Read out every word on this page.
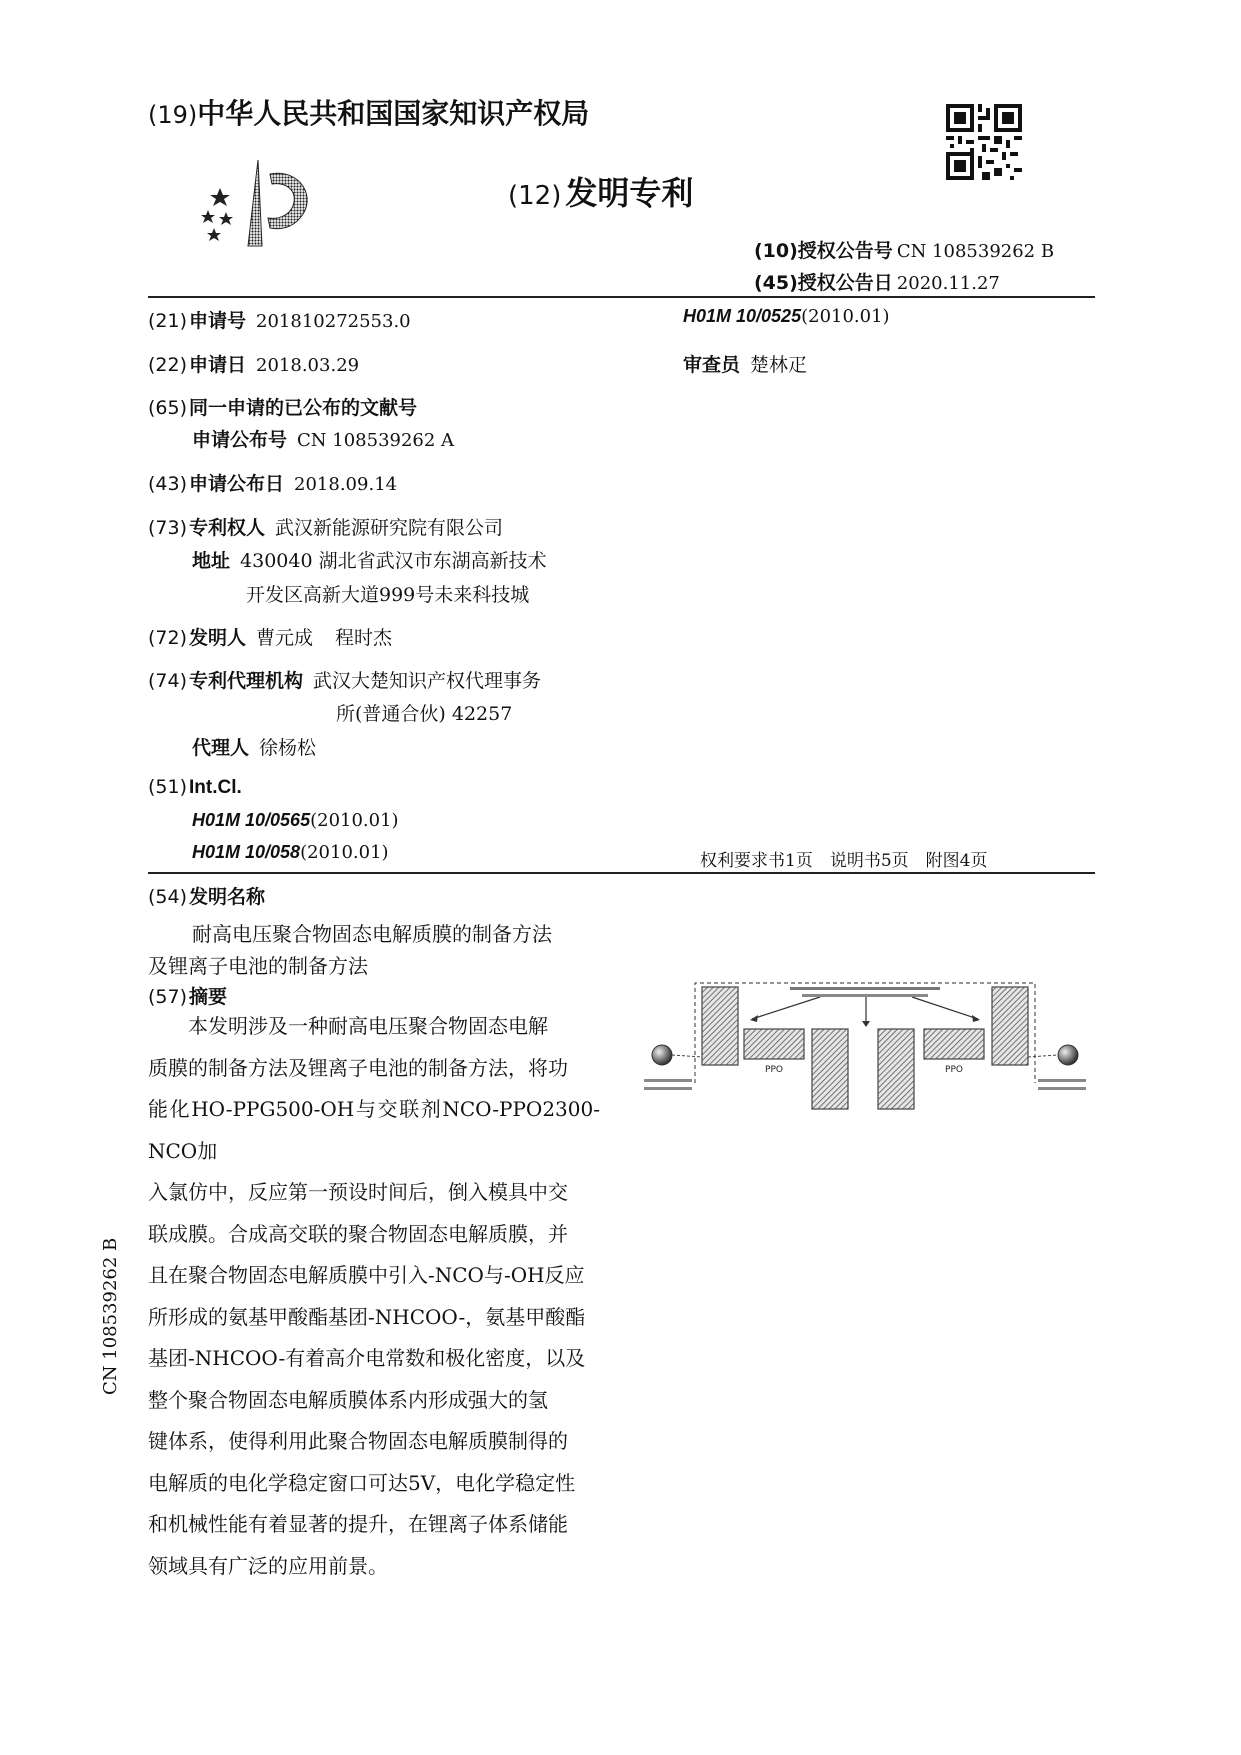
(19) 中华人民共和国国家知识产权局
(12) 发明专利
(10)授权公告号 CN 108539262 B
(45)授权公告日 2020.11.27
(21) 申请号 201810272553.0
(22) 申请日 2018.03.29
(65) 同一申请的已公布的文献号
申请公布号 CN 108539262 A
(43) 申请公布日 2018.09.14
(73) 专利权人 武汉新能源研究院有限公司
地址 430040 湖北省武汉市东湖高新技术
开发区高新大道999号未来科技城
(72) 发明人 曹元成 程时杰
(74) 专利代理机构 武汉大楚知识产权代理事务
所(普通合伙) 42257
代理人 徐杨松
(51) Int.Cl.
H01M 10/0565 (2010.01)
H01M 10/058 (2010.01)
H01M 10/0525 (2010.01)
审查员 楚林疋
权利要求书1页　说明书5页　附图4页
(54) 发明名称
耐高电压聚合物固态电解质膜的制备方法
及锂离子电池的制备方法
(57) 摘要
　　本发明涉及一种耐高电压聚合物固态电解
质膜的制备方法及锂离子电池的制备方法，将功
能化HO-PPG500-OH与交联剂NCO-PPO2300-NCO加
入氯仿中，反应第一预设时间后，倒入模具中交
联成膜。合成高交联的聚合物固态电解质膜，并
且在聚合物固态电解质膜中引入-NCO与-OH反应
所形成的氨基甲酸酯基团-NHCOO-，氨基甲酸酯
基团-NHCOO-有着高介电常数和极化密度，以及
整个聚合物固态电解质膜体系内形成强大的氢
键体系，使得利用此聚合物固态电解质膜制得的
电解质的电化学稳定窗口可达5V，电化学稳定性
和机械性能有着显著的提升，在锂离子体系储能
领域具有广泛的应用前景。
PPO	PPO
CN 108539262 B
